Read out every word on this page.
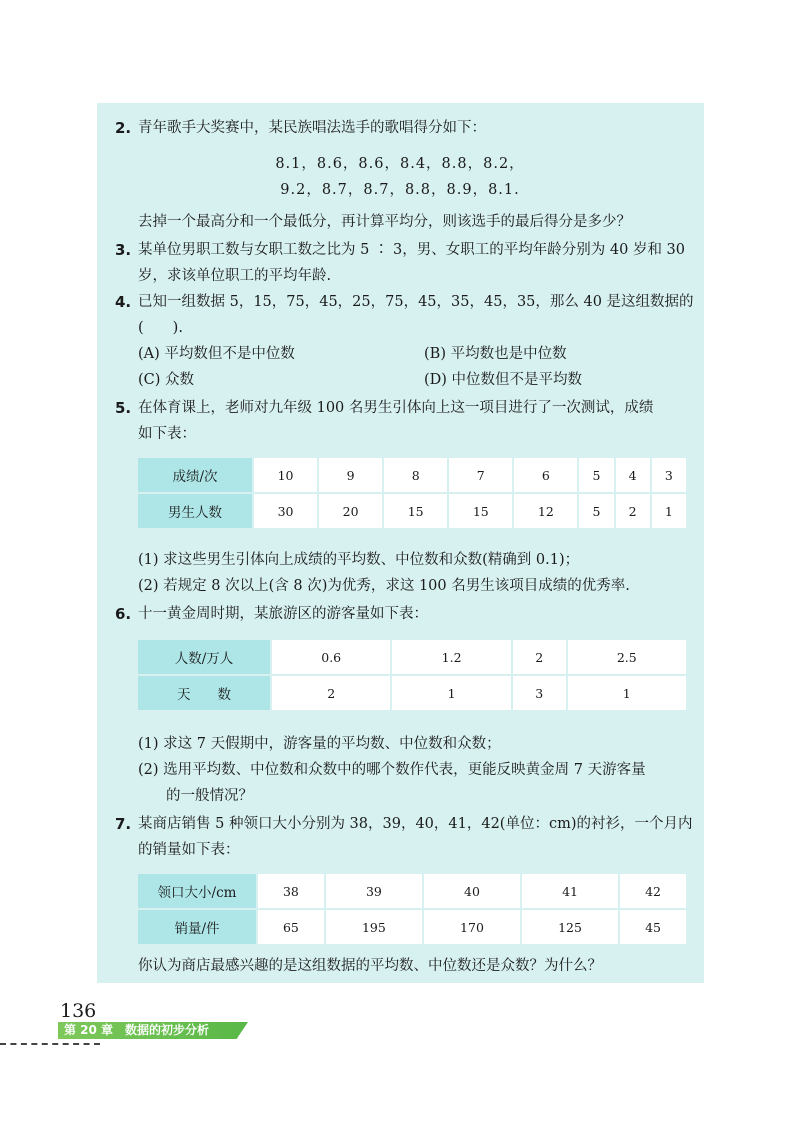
2. 青年歌手大奖赛中，某民族唱法选手的歌唱得分如下：
8.1，8.6，8.6，8.4，8.8，8.2，
9.2，8.7，8.7，8.8，8.9，8.1.
去掉一个最高分和一个最低分，再计算平均分，则该选手的最后得分是多少？
3. 某单位男职工数与女职工数之比为 5 ∶ 3，男、女职工的平均年龄分别为 40 岁和 30
岁，求该单位职工的平均年龄.
4. 已知一组数据 5，15，75，45，25，75，45，35，45，35，那么 40 是这组数据的
(　　).
(A) 平均数但不是中位数	(B) 平均数也是中位数
(C) 众数	(D) 中位数但不是平均数
5. 在体育课上，老师对九年级 100 名男生引体向上这一项目进行了一次测试，成绩
如下表：
成绩/次	10	9	8	7	6	5	4	3
男生人数	30	20	15	15	12	5	2	1
(1) 求这些男生引体向上成绩的平均数、中位数和众数(精确到 0.1)；
(2) 若规定 8 次以上(含 8 次)为优秀，求这 100 名男生该项目成绩的优秀率.
6. 十一黄金周时期，某旅游区的游客量如下表：
人数/万人	0.6	1.2	2	2.5
天　　数	2	1	3	1
(1) 求这 7 天假期中，游客量的平均数、中位数和众数；
(2) 选用平均数、中位数和众数中的哪个数作代表，更能反映黄金周 7 天游客量
的一般情况？
7. 某商店销售 5 种领口大小分别为 38，39，40，41，42(单位：cm)的衬衫，一个月内
的销量如下表：
领口大小/cm	38	39	40	41	42
销量/件	65	195	170	125	45
你认为商店最感兴趣的是这组数据的平均数、中位数还是众数？为什么？
136
第 20 章　数据的初步分析
